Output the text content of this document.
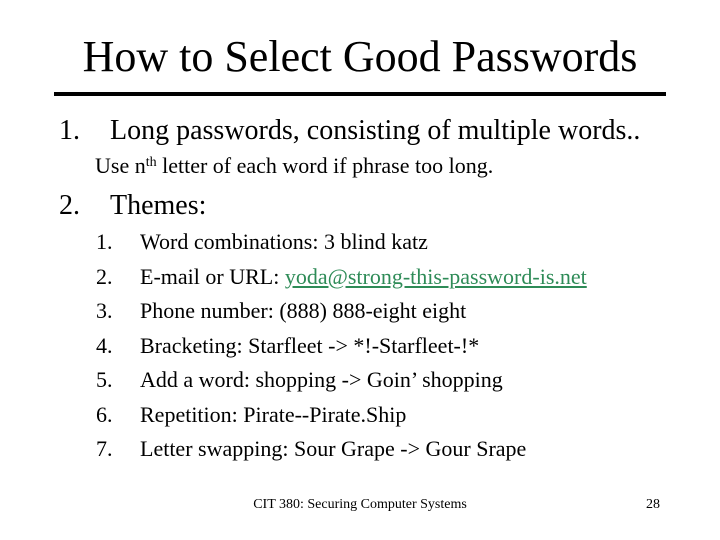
How to Select Good Passwords
1. Long passwords, consisting of multiple words..
Use $n^{th}$ letter of each word if phrase too long.
2. Themes:
1. Word combinations: 3 blind katz
2. E-mail or URL: yoda@strong-this-password-is.net
3. Phone number: (888) 888-eight eight
4. Bracketing: Starfleet -> *!-Starfleet-!*
5. Add a word: shopping -> Goin’ shopping
6. Repetition: Pirate--Pirate.Ship
7. Letter swapping: Sour Grape -> Gour Srape
CIT 380: Securing Computer Systems	28
